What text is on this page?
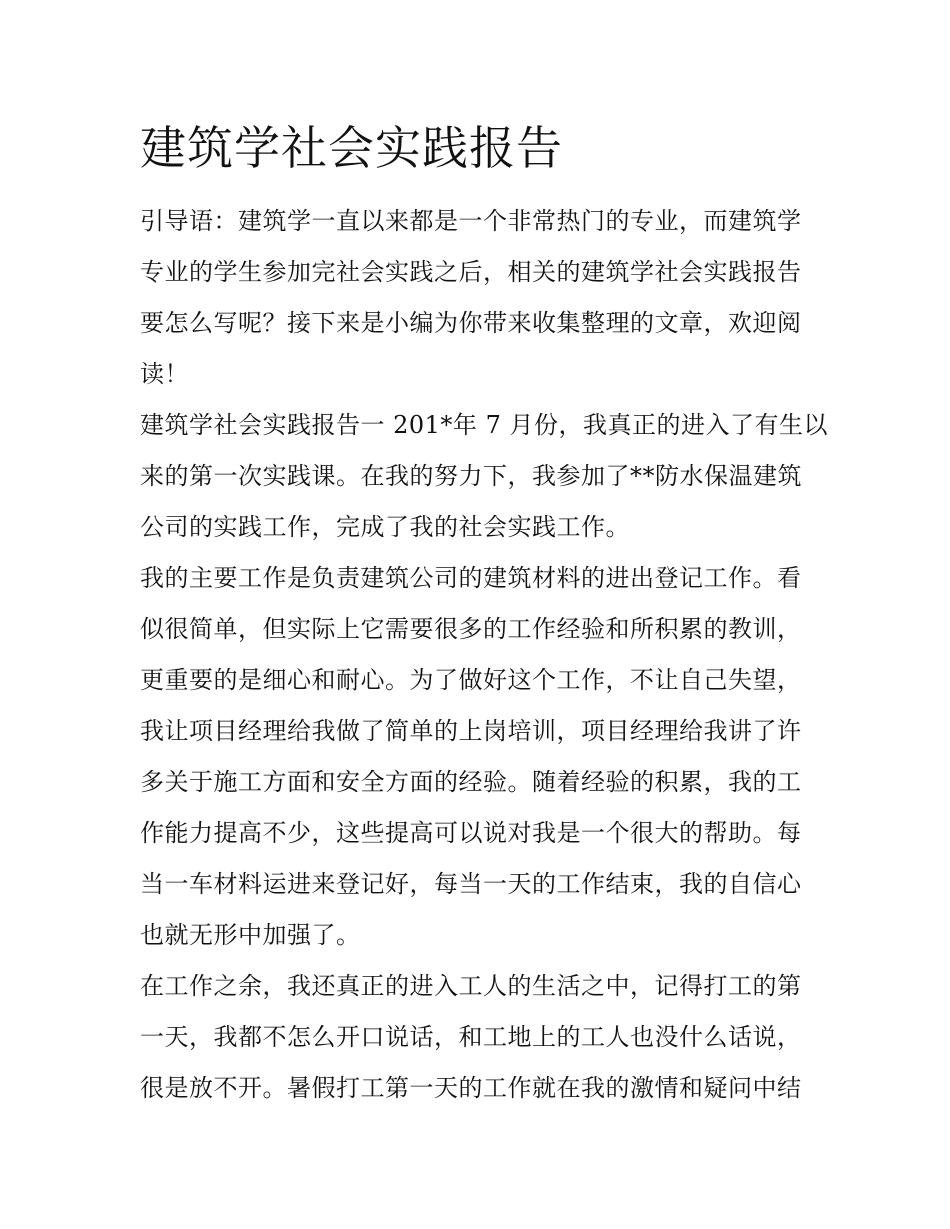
建筑学社会实践报告

引导语：建筑学一直以来都是一个非常热门的专业，而建筑学
专业的学生参加完社会实践之后，相关的建筑学社会实践报告
要怎么写呢？接下来是小编为你带来收集整理的文章，欢迎阅
读！

建筑学社会实践报告一 201*年 7 月份，我真正的进入了有生以
来的第一次实践课。在我的努力下，我参加了**防水保温建筑
公司的实践工作，完成了我的社会实践工作。

我的主要工作是负责建筑公司的建筑材料的进出登记工作。看
似很简单，但实际上它需要很多的工作经验和所积累的教训，
更重要的是细心和耐心。为了做好这个工作，不让自己失望，
我让项目经理给我做了简单的上岗培训，项目经理给我讲了许
多关于施工方面和安全方面的经验。随着经验的积累，我的工
作能力提高不少，这些提高可以说对我是一个很大的帮助。每
当一车材料运进来登记好，每当一天的工作结束，我的自信心
也就无形中加强了。

在工作之余，我还真正的进入工人的生活之中，记得打工的第
一天，我都不怎么开口说话，和工地上的工人也没什么话说，
很是放不开。暑假打工第一天的工作就在我的激情和疑问中结
